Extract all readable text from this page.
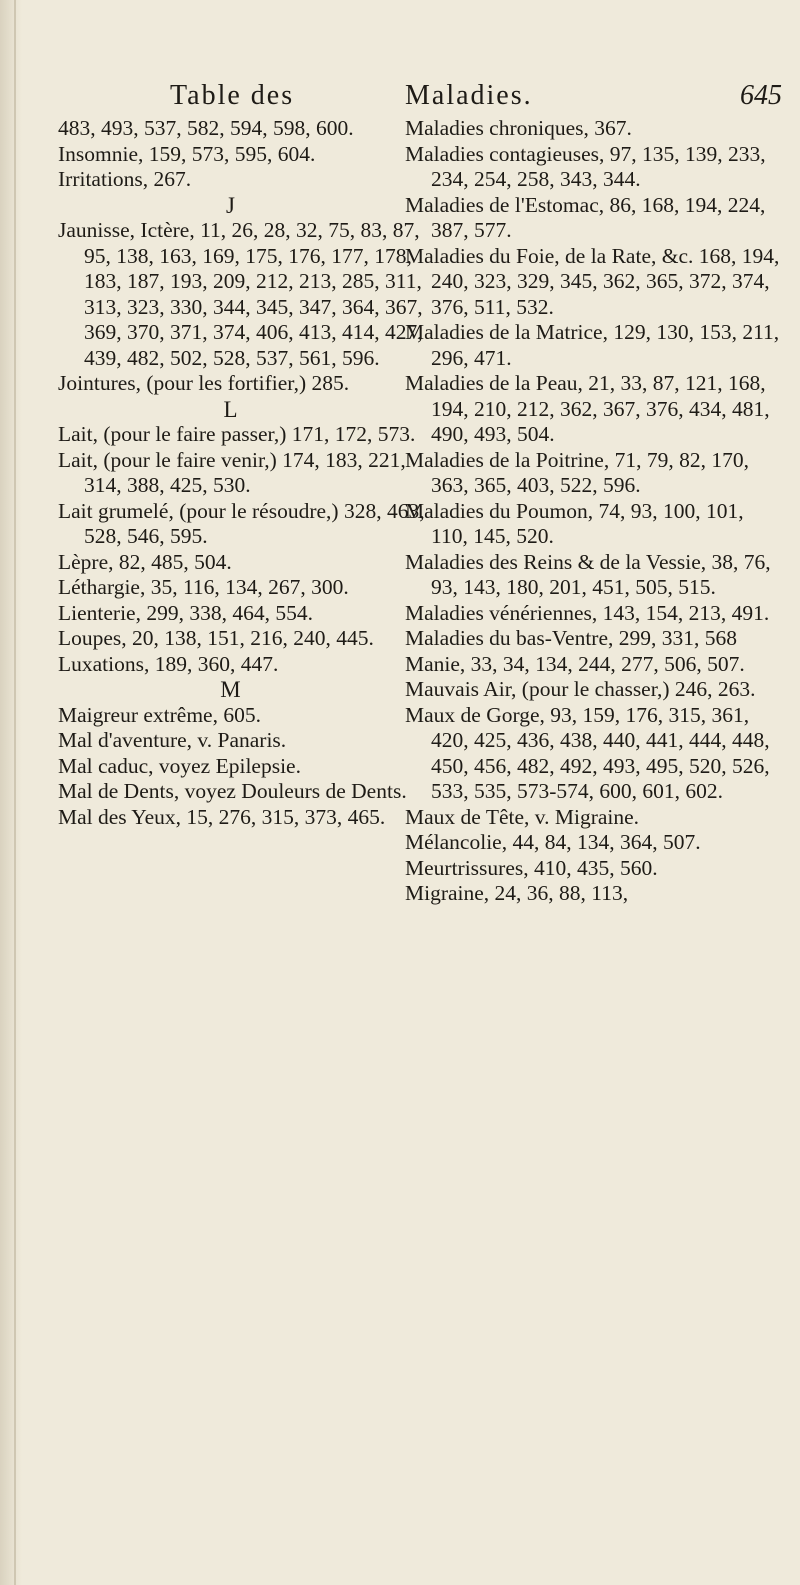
Table des	Maladies.	645
483, 493, 537, 582, 594, 598, 600.
Insomnie, 159, 573, 595, 604.
Irritations, 267.
J
Jaunisse, Ictère, 11, 26, 28, 32, 75, 83, 87, 95, 138, 163, 169, 175, 176, 177, 178, 183, 187, 193, 209, 212, 213, 285, 311, 313, 323, 330, 344, 345, 347, 364, 367, 369, 370, 371, 374, 406, 413, 414, 427, 439, 482, 502, 528, 537, 561, 596.
Jointures, (pour les fortifier,) 285.
L
Lait, (pour le faire passer,) 171, 172, 573.
Lait, (pour le faire venir,) 174, 183, 221, 314, 388, 425, 530.
Lait grumelé, (pour le résoudre,) 328, 463, 528, 546, 595.
Lèpre, 82, 485, 504.
Léthargie, 35, 116, 134, 267, 300.
Lienterie, 299, 338, 464, 554.
Loupes, 20, 138, 151, 216, 240, 445.
Luxations, 189, 360, 447.
M
Maigreur extrême, 605.
Mal d'aventure, v. Panaris.
Mal caduc, voyez Epilepsie.
Mal de Dents, voyez Douleurs de Dents.
Mal des Yeux, 15, 276, 315, 373, 465.
Maladies chroniques, 367.
Maladies contagieuses, 97, 135, 139, 233, 234, 254, 258, 343, 344.
Maladies de l'Estomac, 86, 168, 194, 224, 387, 577.
Maladies du Foie, de la Rate, &c. 168, 194, 240, 323, 329, 345, 362, 365, 372, 374, 376, 511, 532.
Maladies de la Matrice, 129, 130, 153, 211, 296, 471.
Maladies de la Peau, 21, 33, 87, 121, 168, 194, 210, 212, 362, 367, 376, 434, 481, 490, 493, 504.
Maladies de la Poitrine, 71, 79, 82, 170, 363, 365, 403, 522, 596.
Maladies du Poumon, 74, 93, 100, 101, 110, 145, 520.
Maladies des Reins & de la Vessie, 38, 76, 93, 143, 180, 201, 451, 505, 515.
Maladies vénériennes, 143, 154, 213, 491.
Maladies du bas-Ventre, 299, 331, 568
Manie, 33, 34, 134, 244, 277, 506, 507.
Mauvais Air, (pour le chasser,) 246, 263.
Maux de Gorge, 93, 159, 176, 315, 361, 420, 425, 436, 438, 440, 441, 444, 448, 450, 456, 482, 492, 493, 495, 520, 526, 533, 535, 573-574, 600, 601, 602.
Maux de Tête, v. Migraine.
Mélancolie, 44, 84, 134, 364, 507.
Meurtrissures, 410, 435, 560.
Migraine, 24, 36, 88, 113,
